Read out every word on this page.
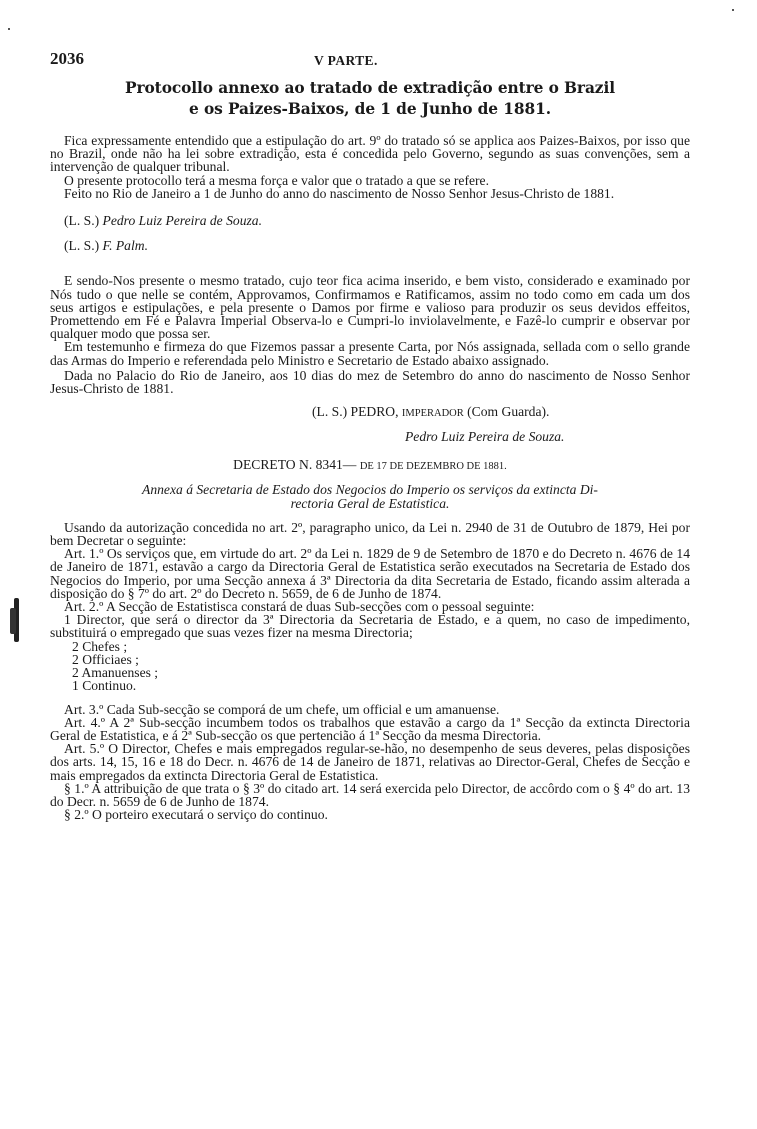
2036	V PARTE.
Protocollo annexo ao tratado de extradição entre o Brazil
e os Paizes-Baixos, de 1 de Junho de 1881.

Fica expressamente entendido que a estipulação do art. 9º do tratado só se applica aos Paizes-Baixos, por isso que no Brazil, onde não ha lei sobre extradição, esta é concedida pelo Governo, segundo as suas convenções, sem a intervenção de qualquer tribunal.

O presente protocollo terá a mesma força e valor que o tratado a que se refere.

Feito no Rio de Janeiro a 1 de Junho do anno do nascimento de Nosso Senhor Jesus-Christo de 1881.

(L. S.) Pedro Luiz Pereira de Souza.
(L. S.) F. Palm.

E sendo-Nos presente o mesmo tratado, cujo teor fica acima inserido, e bem visto, considerado e examinado por Nós tudo o que nelle se contém, Approvamos, Confirmamos e Ratificamos, assim no todo como em cada um dos seus artigos e estipulações, e pela presente o Damos por firme e valioso para produzir os seus devidos effeitos, Promettendo em Fé e Palavra Imperial Observa-lo e Cumpri-lo inviolavelmente, e Fazê-lo cumprir e observar por qualquer modo que possa ser.

Em testemunho e firmeza do que Fizemos passar a presente Carta, por Nós assignada, sellada com o sello grande das Armas do Imperio e referendada pelo Ministro e Secretario de Estado abaixo assignado.

Dada no Palacio do Rio de Janeiro, aos 10 dias do mez de Setembro do anno do nascimento de Nosso Senhor Jesus-Christo de 1881.

(L. S.) PEDRO, IMPERADOR (Com Guarda).
Pedro Luiz Pereira de Souza.
DECRETO N. 8341— DE 17 DE DEZEMBRO DE 1881.
Annexa á Secretaria de Estado dos Negocios do Imperio os serviços da extincta Di-
rectoria Geral de Estatistica.

Usando da autorização concedida no art. 2º, paragrapho unico, da Lei n. 2940 de 31 de Outubro de 1879, Hei por bem Decretar o seguinte:

Art. 1.º Os serviços que, em virtude do art. 2º da Lei n. 1829 de 9 de Setembro de 1870 e do Decreto n. 4676 de 14 de Janeiro de 1871, estavão a cargo da Directoria Geral de Estatistica serão executados na Secretaria de Estado dos Negocios do Imperio, por uma Secção annexa á 3ª Directoria da dita Secretaria de Estado, ficando assim alterada a disposição do § 7º do art. 2º do Decreto n. 5659, de 6 de Junho de 1874.

Art. 2.º A Secção de Estatistisca constará de duas Sub-secções com o pessoal seguinte:

1 Director, que será o director da 3ª Directoria da Secretaria de Estado, e a quem, no caso de impedimento, substituirá o empregado que suas vezes fizer na mesma Directoria;

2 Chefes ;
2 Officiaes ;
2 Amanuenses ;
1 Continuo.

Art. 3.º Cada Sub-secção se comporá de um chefe, um official e um amanuense.

Art. 4.º A 2ª Sub-secção incumbem todos os trabalhos que estavão a cargo da 1ª Secção da extincta Directoria Geral de Estatistica, e á 2ª Sub-secção os que pertencião á 1ª Secção da mesma Directoria.

Art. 5.º O Director, Chefes e mais empregados regular-se-hão, no desempenho de seus deveres, pelas disposições dos arts. 14, 15, 16 e 18 do Decr. n. 4676 de 14 de Janeiro de 1871, relativas ao Director-Geral, Chefes de Secção e mais empregados da extincta Directoria Geral de Estatistica.

§ 1.º A attribuição de que trata o § 3º do citado art. 14 será exercida pelo Director, de accôrdo com o § 4º do art. 13 do Decr. n. 5659 de 6 de Junho de 1874.

§ 2.º O porteiro executará o serviço do continuo.
